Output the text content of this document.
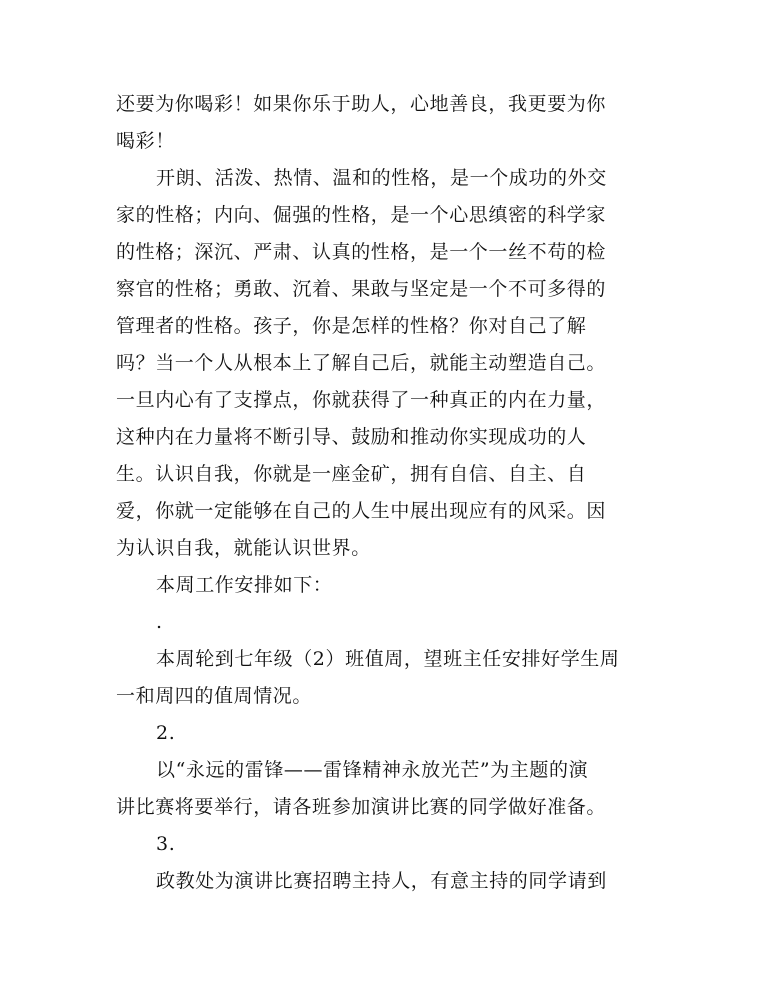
还要为你喝彩！如果你乐于助人，心地善良，我更要为你
喝彩！
开朗、活泼、热情、温和的性格，是一个成功的外交
家的性格；内向、倔强的性格，是一个心思缜密的科学家
的性格；深沉、严肃、认真的性格，是一个一丝不苟的检
察官的性格；勇敢、沉着、果敢与坚定是一个不可多得的
管理者的性格。孩子，你是怎样的性格？你对自己了解
吗？当一个人从根本上了解自己后，就能主动塑造自己。
一旦内心有了支撑点，你就获得了一种真正的内在力量，
这种内在力量将不断引导、鼓励和推动你实现成功的人
生。认识自我，你就是一座金矿，拥有自信、自主、自
爱，你就一定能够在自己的人生中展出现应有的风采。因
为认识自我，就能认识世界。
本周工作安排如下：
.
本周轮到七年级（2）班值周，望班主任安排好学生周
一和周四的值周情况。
2.
以“永远的雷锋——雷锋精神永放光芒”为主题的演
讲比赛将要举行，请各班参加演讲比赛的同学做好准备。
3.
政教处为演讲比赛招聘主持人，有意主持的同学请到
